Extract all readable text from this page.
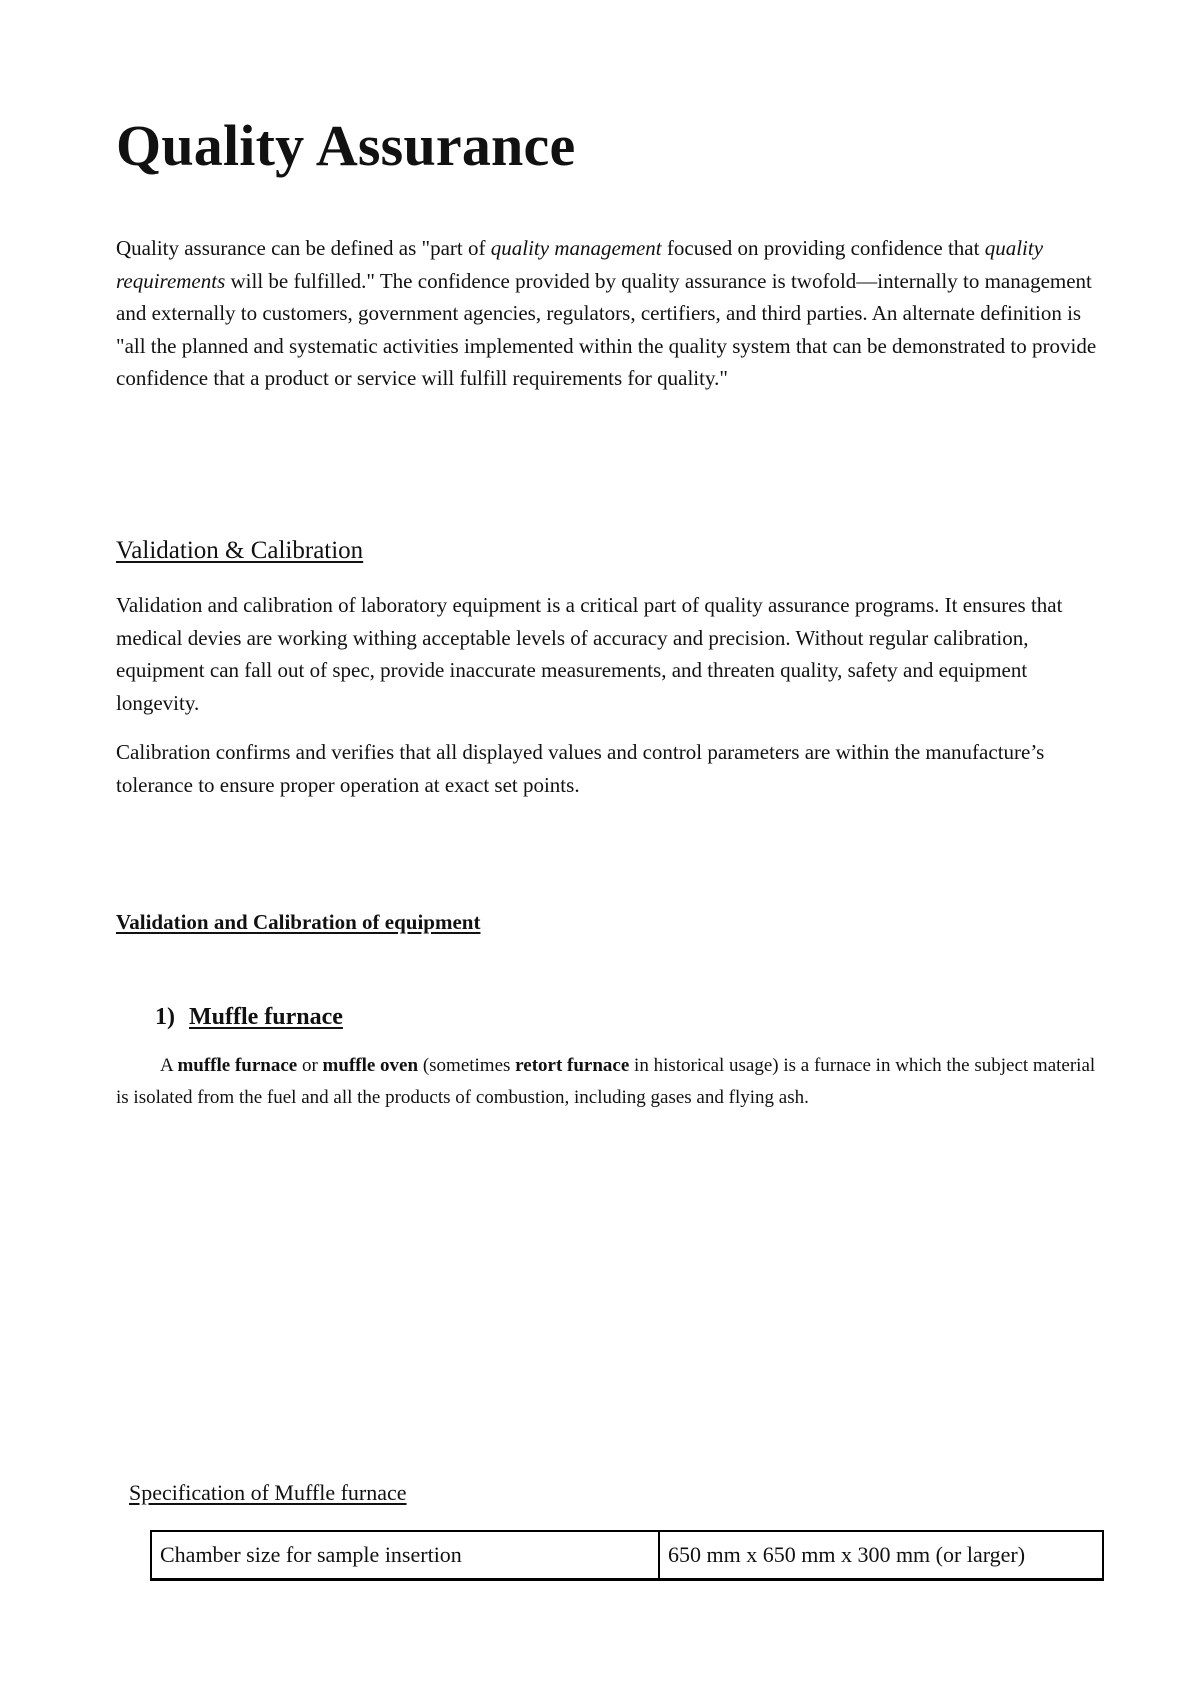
Quality Assurance

Quality assurance can be defined as "part of quality management focused on providing confidence that quality requirements will be fulfilled." The confidence provided by quality assurance is twofold—internally to management and externally to customers, government agencies, regulators, certifiers, and third parties. An alternate definition is "all the planned and systematic activities implemented within the quality system that can be demonstrated to provide confidence that a product or service will fulfill requirements for quality."

Validation & Calibration

Validation and calibration of laboratory equipment is a critical part of quality assurance programs. It ensures that medical devies are working withing acceptable levels of accuracy and precision. Without regular calibration, equipment can fall out of spec, provide inaccurate measurements, and threaten quality, safety and equipment longevity.

Calibration confirms and verifies that all displayed values and control parameters are within the manufacture’s tolerance to ensure proper operation at exact set points.

Validation and Calibration of equipment
1) Muffle furnace

A muffle furnace or muffle oven (sometimes retort furnace in historical usage) is a furnace in which the subject material is isolated from the fuel and all the products of combustion, including gases and flying ash.

Specification of Muffle furnace
Chamber size for sample insertion	650 mm x 650 mm x 300 mm (or larger)
